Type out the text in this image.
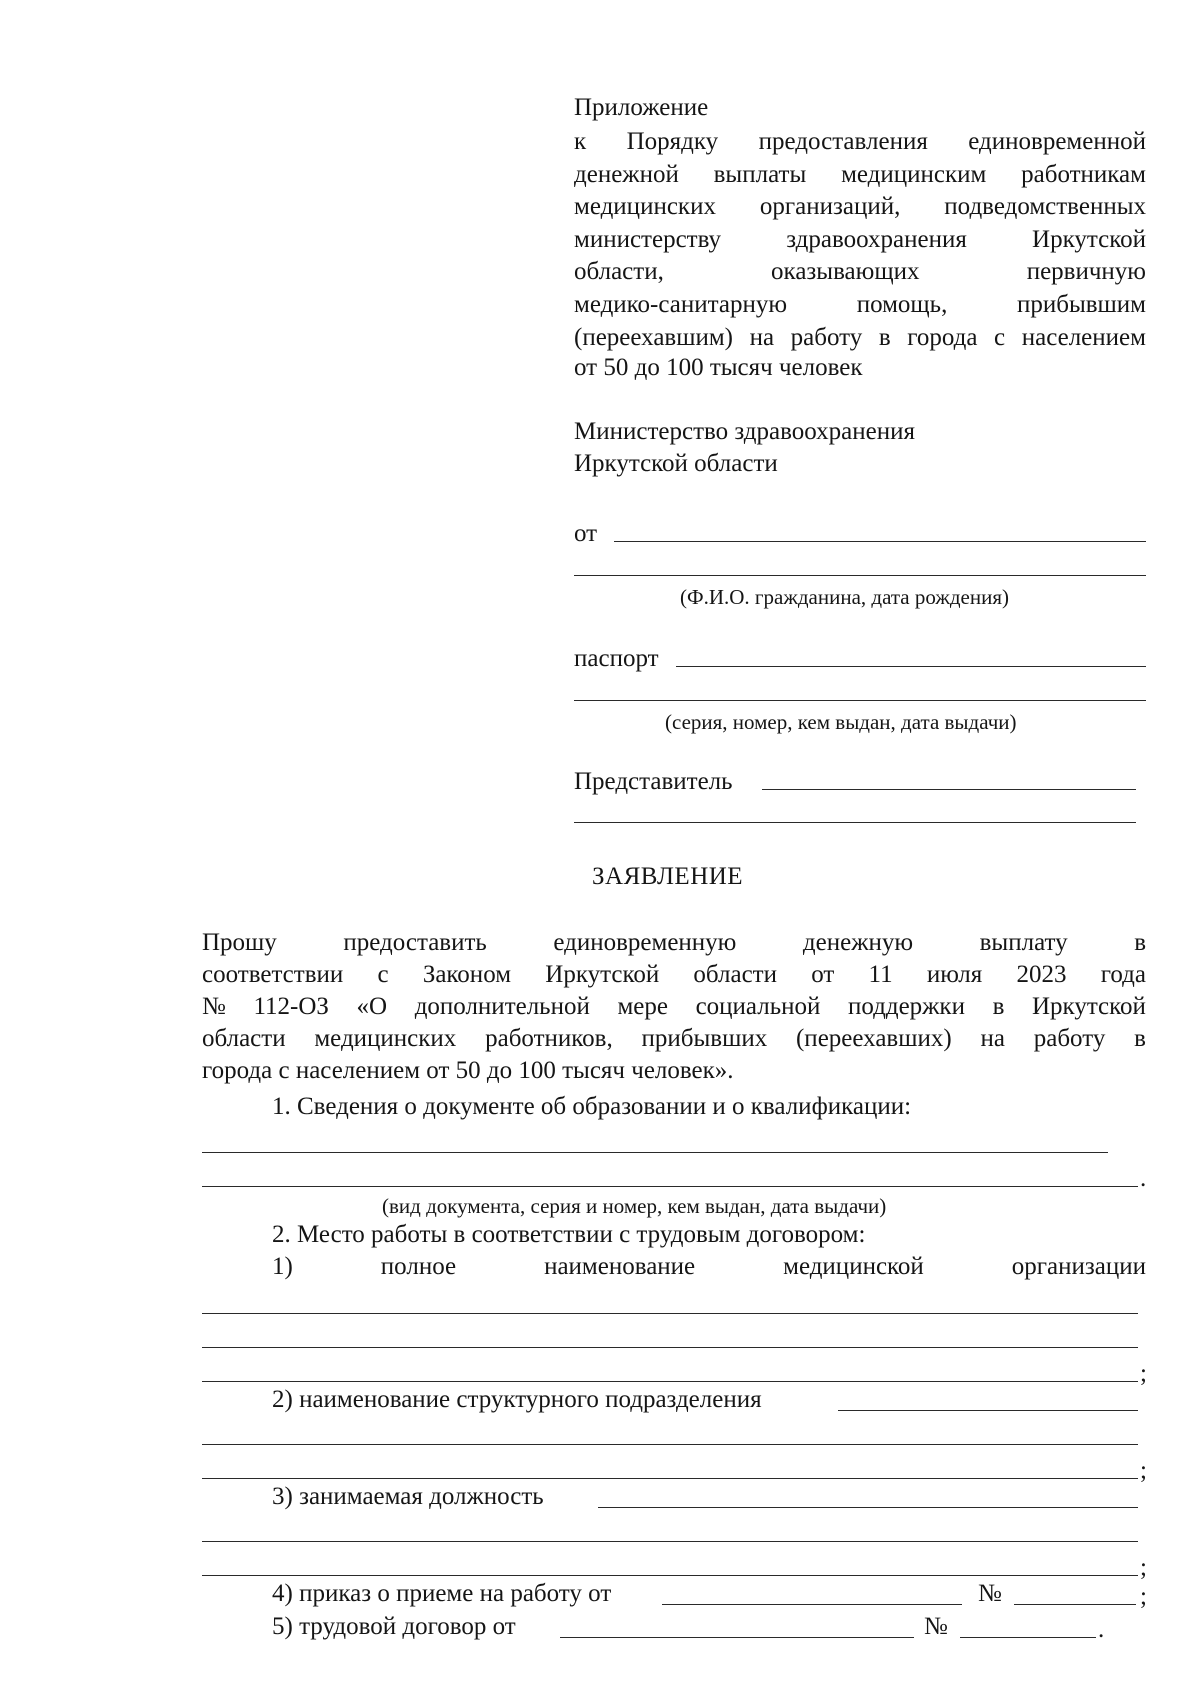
Приложение
к Порядку предоставления единовременной
денежной выплаты медицинским работникам
медицинских организаций, подведомственных
министерству	здравоохранения	Иркутской
области,	оказывающих	первичную
медико-санитарную	помощь,	прибывшим
(переехавшим) на работу в города с населением
от 50 до 100 тысяч человек
Министерство здравоохранения
Иркутской области
от
(Ф.И.О. гражданина, дата рождения)
паспорт
(серия, номер, кем выдан, дата выдачи)
Представитель
ЗАЯВЛЕНИЕ
Прошу	предоставить	единовременную	денежную	выплату	в
соответствии с Законом Иркутской области от 11 июля 2023 года
№ 112-ОЗ «О дополнительной мере социальной поддержки в Иркутской
области медицинских работников, прибывших (переехавших) на работу в
города с населением от 50 до 100 тысяч человек».
1. Сведения о документе об образовании и о квалификации:
.
(вид документа, серия и номер, кем выдан, дата выдачи)
2. Место работы в соответствии с трудовым договором:
1)	полное	наименование	медицинской	организации
;
2) наименование структурного подразделения
;
3) занимаемая должность
;
4) приказ о приеме на работу от	№	;
5) трудовой договор от	№	.
